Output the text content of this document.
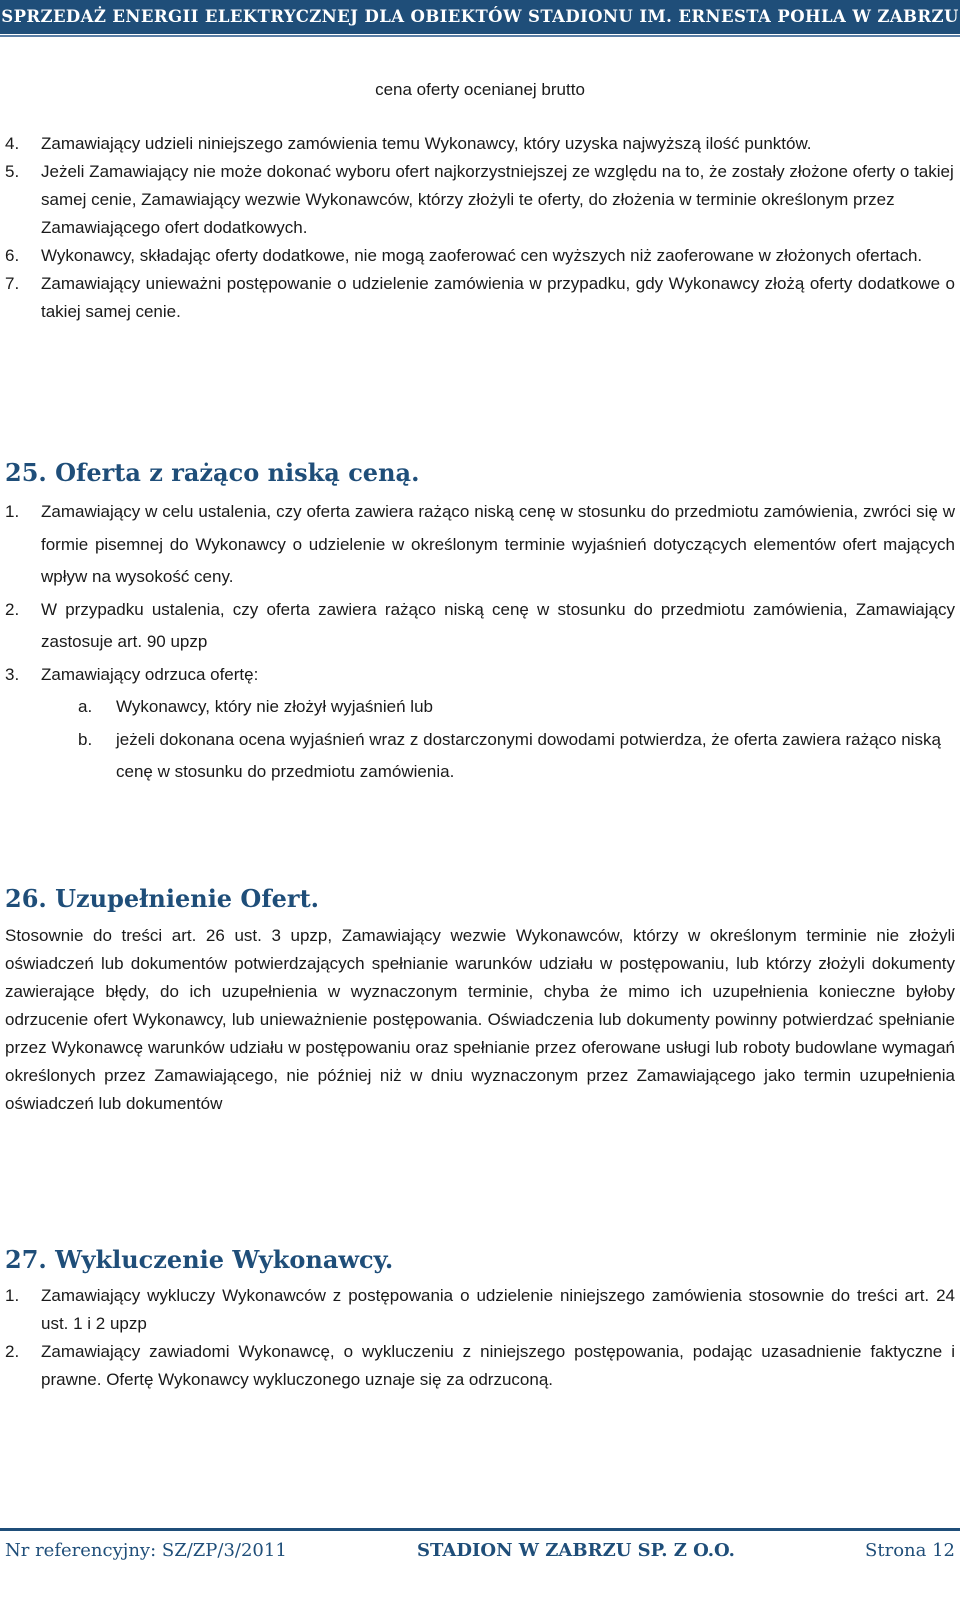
SPRZEDAŻ ENERGII ELEKTRYCZNEJ DLA OBIEKTÓW STADIONU IM. ERNESTA POHLA W ZABRZU

cena oferty ocenianej brutto

4.	Zamawiający udzieli niniejszego zamówienia temu Wykonawcy, który uzyska najwyższą ilość punktów.
5.	Jeżeli Zamawiający nie może dokonać wyboru ofert najkorzystniejszej ze względu na to, że zostały złożone oferty o takiej samej cenie, Zamawiający wezwie Wykonawców, którzy złożyli te oferty, do złożenia w terminie określonym przez Zamawiającego ofert dodatkowych.
6.	Wykonawcy, składając oferty dodatkowe, nie mogą zaoferować cen wyższych niż zaoferowane w złożonych ofertach.
7.	Zamawiający unieważni postępowanie o udzielenie zamówienia w przypadku, gdy Wykonawcy złożą oferty dodatkowe o takiej samej cenie.
25. Oferta z rażąco niską ceną.
1.	Zamawiający w celu ustalenia, czy oferta zawiera rażąco niską cenę w stosunku do przedmiotu zamówienia, zwróci się w formie pisemnej do Wykonawcy o udzielenie w określonym terminie wyjaśnień dotyczących elementów ofert mających wpływ na wysokość ceny.
2.	W przypadku ustalenia, czy oferta zawiera rażąco niską cenę w stosunku do przedmiotu zamówienia, Zamawiający zastosuje art. 90 upzp
3.	Zamawiający odrzuca ofertę:
a.	Wykonawcy, który nie złożył wyjaśnień lub
b.	jeżeli dokonana ocena wyjaśnień wraz z dostarczonymi dowodami potwierdza, że oferta zawiera rażąco niską cenę w stosunku do przedmiotu zamówienia.
26. Uzupełnienie Ofert.

Stosownie do treści art. 26 ust. 3 upzp, Zamawiający wezwie Wykonawców, którzy w określonym terminie nie złożyli oświadczeń lub dokumentów potwierdzających spełnianie warunków udziału w postępowaniu, lub którzy złożyli dokumenty zawierające błędy, do ich uzupełnienia w wyznaczonym terminie, chyba że mimo ich uzupełnienia konieczne byłoby odrzucenie ofert Wykonawcy, lub unieważnienie postępowania. Oświadczenia lub dokumenty powinny potwierdzać spełnianie przez Wykonawcę warunków udziału w postępowaniu oraz spełnianie przez oferowane usługi lub roboty budowlane wymagań określonych przez Zamawiającego, nie później niż w dniu wyznaczonym przez Zamawiającego jako termin uzupełnienia oświadczeń lub dokumentów

27. Wykluczenie Wykonawcy.
1.	Zamawiający wykluczy Wykonawców z postępowania o udzielenie niniejszego zamówienia stosownie do treści art. 24 ust. 1 i 2 upzp
2.	Zamawiający zawiadomi Wykonawcę, o wykluczeniu z niniejszego postępowania, podając uzasadnienie faktyczne i prawne. Ofertę Wykonawcy wykluczonego uznaje się za odrzuconą.
Nr referencyjny: SZ/ZP/3/2011	STADION W ZABRZU SP. Z O.O.	Strona 12
